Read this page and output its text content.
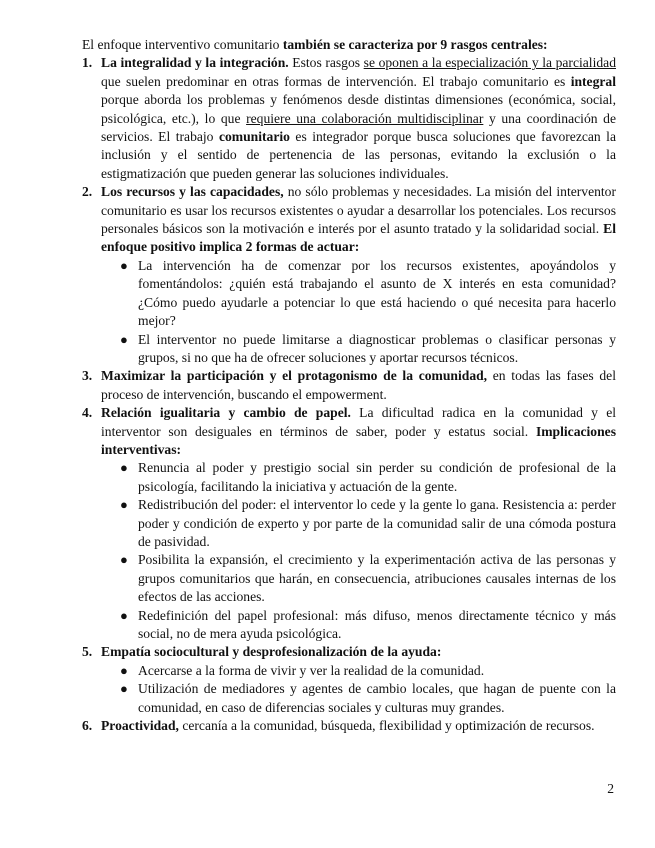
El enfoque interventivo comunitario también se caracteriza por 9 rasgos centrales:

1. La integralidad y la integración. Estos rasgos se oponen a la especialización y la parcialidad que suelen predominar en otras formas de intervención. El trabajo comunitario es integral porque aborda los problemas y fenómenos desde distintas dimensiones (económica, social, psicológica, etc.), lo que requiere una colaboración multidisciplinar y una coordinación de servicios. El trabajo comunitario es integrador porque busca soluciones que favorezcan la inclusión y el sentido de pertenencia de las personas, evitando la exclusión o la estigmatización que pueden generar las soluciones individuales.
2. Los recursos y las capacidades, no sólo problemas y necesidades. La misión del interventor comunitario es usar los recursos existentes o ayudar a desarrollar los potenciales. Los recursos personales básicos son la motivación e interés por el asunto tratado y la solidaridad social. El enfoque positivo implica 2 formas de actuar:
● La intervención ha de comenzar por los recursos existentes, apoyándolos y fomentándolos: ¿quién está trabajando el asunto de X interés en esta comunidad? ¿Cómo puedo ayudarle a potenciar lo que está haciendo o qué necesita para hacerlo mejor?
● El interventor no puede limitarse a diagnosticar problemas o clasificar personas y grupos, si no que ha de ofrecer soluciones y aportar recursos técnicos.
3. Maximizar la participación y el protagonismo de la comunidad, en todas las fases del proceso de intervención, buscando el empowerment.
4. Relación igualitaria y cambio de papel. La dificultad radica en la comunidad y el interventor son desiguales en términos de saber, poder y estatus social. Implicaciones interventivas:
● Renuncia al poder y prestigio social sin perder su condición de profesional de la psicología, facilitando la iniciativa y actuación de la gente.
● Redistribución del poder: el interventor lo cede y la gente lo gana. Resistencia a: perder poder y condición de experto y por parte de la comunidad salir de una cómoda postura de pasividad.
● Posibilita la expansión, el crecimiento y la experimentación activa de las personas y grupos comunitarios que harán, en consecuencia, atribuciones causales internas de los efectos de las acciones.
● Redefinición del papel profesional: más difuso, menos directamente técnico y más social, no de mera ayuda psicológica.
5. Empatía sociocultural y desprofesionalización de la ayuda:
● Acercarse a la forma de vivir y ver la realidad de la comunidad.
● Utilización de mediadores y agentes de cambio locales, que hagan de puente con la comunidad, en caso de diferencias sociales y culturas muy grandes.
6. Proactividad, cercanía a la comunidad, búsqueda, flexibilidad y optimización de recursos.
2
